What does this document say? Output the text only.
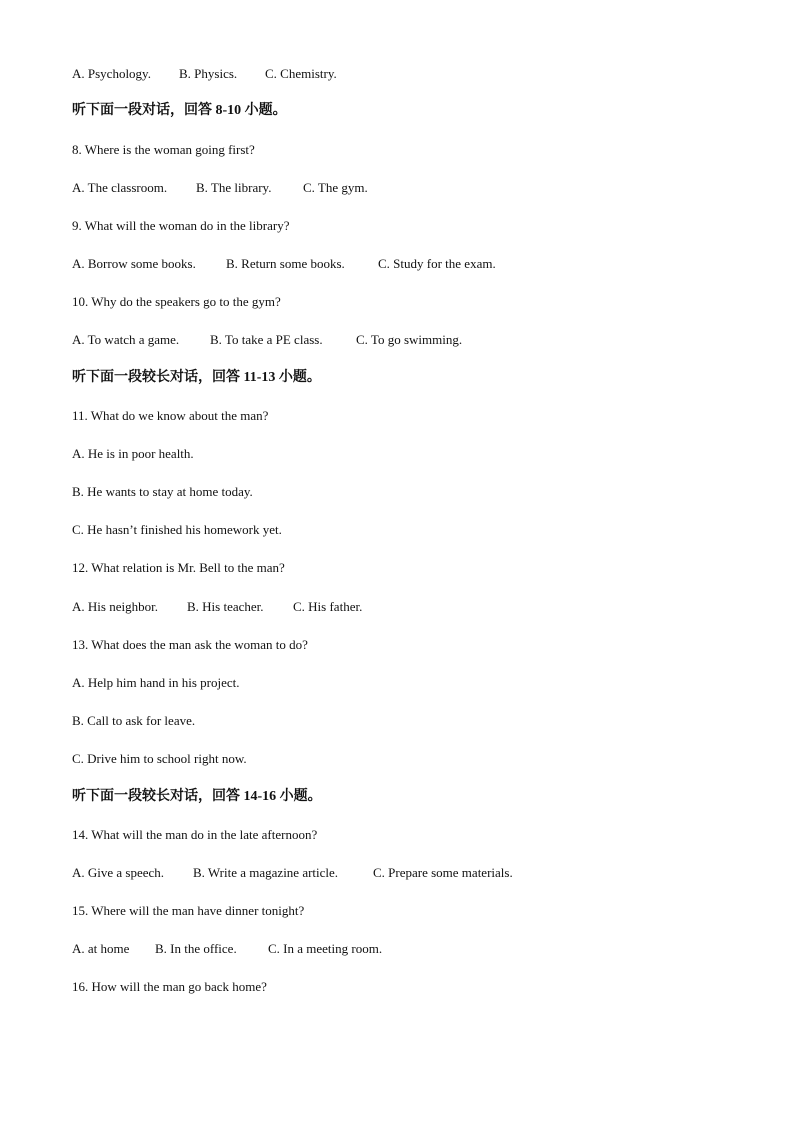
A. Psychology. B. Physics. C. Chemistry.
听下面一段对话，回答 8-10 小题。
8. Where is the woman going first?
A. The classroom. B. The library. C. The gym.
9. What will the woman do in the library?
A. Borrow some books. B. Return some books.	C. Study for the exam.
10. Why do the speakers go to the gym?
A. To watch a game. B. To take a PE class.	C. To go swimming.
听下面一段较长对话，回答 11-13 小题。
11. What do we know about the man?
A. He is in poor health.
B. He wants to stay at home today.
C. He hasn’t finished his homework yet.
12. What relation is Mr. Bell to the man?
A. His neighbor. B. His teacher. C. His father.
13. What does the man ask the woman to do?
A. Help him hand in his project.
B. Call to ask for leave.
C. Drive him to school right now.
听下面一段较长对话，回答 14-16 小题。
14. What will the man do in the late afternoon?
A. Give a speech. B. Write a magazine article.	C. Prepare some materials.
15. Where will the man have dinner tonight?
A. at home B. In the office. C. In a meeting room.
16. How will the man go back home?
